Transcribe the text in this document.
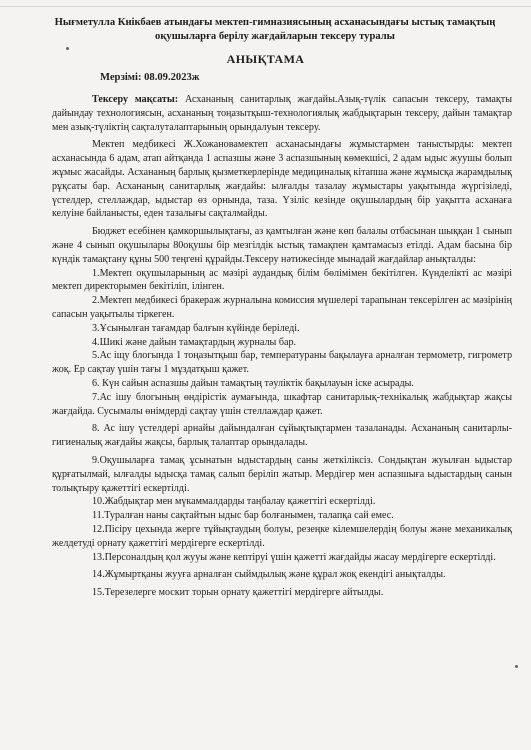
Нығметулла Кнікбаев атындағы мектеп-гимназиясының асханасындағы ыстық тамақтың оқушыларға берілу жағдайларын тексеру туралы
АНЫҚТАМА
Мерзімі: 08.09.2023ж

Тексеру мақсаты: Асхананың санитарлық жағдайы.Азық-түлік сапасын тексеру, тамақты дайындау технологиясын, асхананың тоңазытқыш-технологиялық жабдықтарын тексеру, дайын тамақтар мен азық-түліктің сақталуталаптарының орындалуын тексеру.

Мектеп медбикесі Ж.Хожановамектеп асханасындағы жұмыстармен таныстырды: мектеп асханасында 6 адам, атап айтқанда 1 аспазшы және 3 аспазшының көмекшісі, 2 адам ыдыс жуушы болып жұмыс жасайды. Асхананың барлық қызметкерлерінде медициналық кітапша және жұмысқа жарамдылық рұқсаты бар. Асхананың санитарлық жағдайы: ылғалды тазалау жұмыстары уақытында жүргізіледі, үстелдер, стеллаждар, ыдыстар өз орнында, таза. Үзіліс кезінде оқушылардың бір уақытта асханаға келуіне байланысты, еден тазалығы сақталмайды.

Бюджет есебінен қамкоршылықтағы, аз қамтылған және көп балалы отбасынан шыққан 1 сынып және 4 сынып оқушылары 80оқушы бір мезгілдік ыстық тамақпен қамтамасыз етілді. Адам басына бір күндік тамақтану құны 500 теңгені құрайды.Тексеру нәтижесінде мынадай жағдайлар анықталды:

1.Мектеп оқушыларының ас мәзірі аудандық білім бөлімімен бекітілген. Күнделікті ас мәзірі мектеп директорымен бекітіліп, ілінген.

2.Мектеп медбикесі бракераж журналына комиссия мүшелері тарапынан тексерілген ас мәзірінің сапасын уақытылы тіркеген.

3.Ұсынылған тағамдар балғын күйінде беріледі.

4.Шикі және дайын тамақтардың журналы бар.

5.Ас іщу блогында 1 тоңазытқыш бар, температураны бақылауға арналған термометр, гигрометр жоқ. Ер сақтау үшін тағы 1 мұздатқыш қажет.

6. Күн сайын аспазшы дайын тамақтың тәуліктік бақылауын іске асырады.

7.Ас ішу блогының өндірістік аумағында, шкафтар санитарлық-технікалық жабдықтар жақсы жағдайда. Сусымалы өнімдерді сақтау үшін стеллаждар қажет.

8. Ас ішу үстелдері арнайы дайындалған сұйықтықтармен тазаланады. Асхананың санитарлы-гигиеналық жағдайы жақсы, барлық талаптар орындалады.

9.Оқушыларға тамақ ұсынатын ыдыстардың саны жеткіліксіз. Сондықтан жуылған ыдыстар құрғатылмай, ылғалды ыдысқа тамақ салып беріліп жатыр. Мердігер мен аспазшыға ыдыстардың санын толықтыру қажеттігі ескертілді.

10.Жабдықтар мен мүкаммалдарды таңбалау қажеттігі ескертілді.

11.Туралған наны сақтайтын ыдыс бар болғанымен, талапқа сай емес.

12.Пісіру цехында жерге тұйықтаудың болуы, резеңке кілемшелердің болуы және механикалық желдетуді орнату қажеттігі мердігерге ескертілді.

13.Персоналдың қол жууы және кептіруі үшін қажетті жағдайды жасау мердігерге ескертілді.

14.Жұмыртқаны жууға арналған сыймдылық және құрал жоқ екендігі анықталды.

15.Терезелерге москит торын орнату қажеттігі мердігерге айтылды.
